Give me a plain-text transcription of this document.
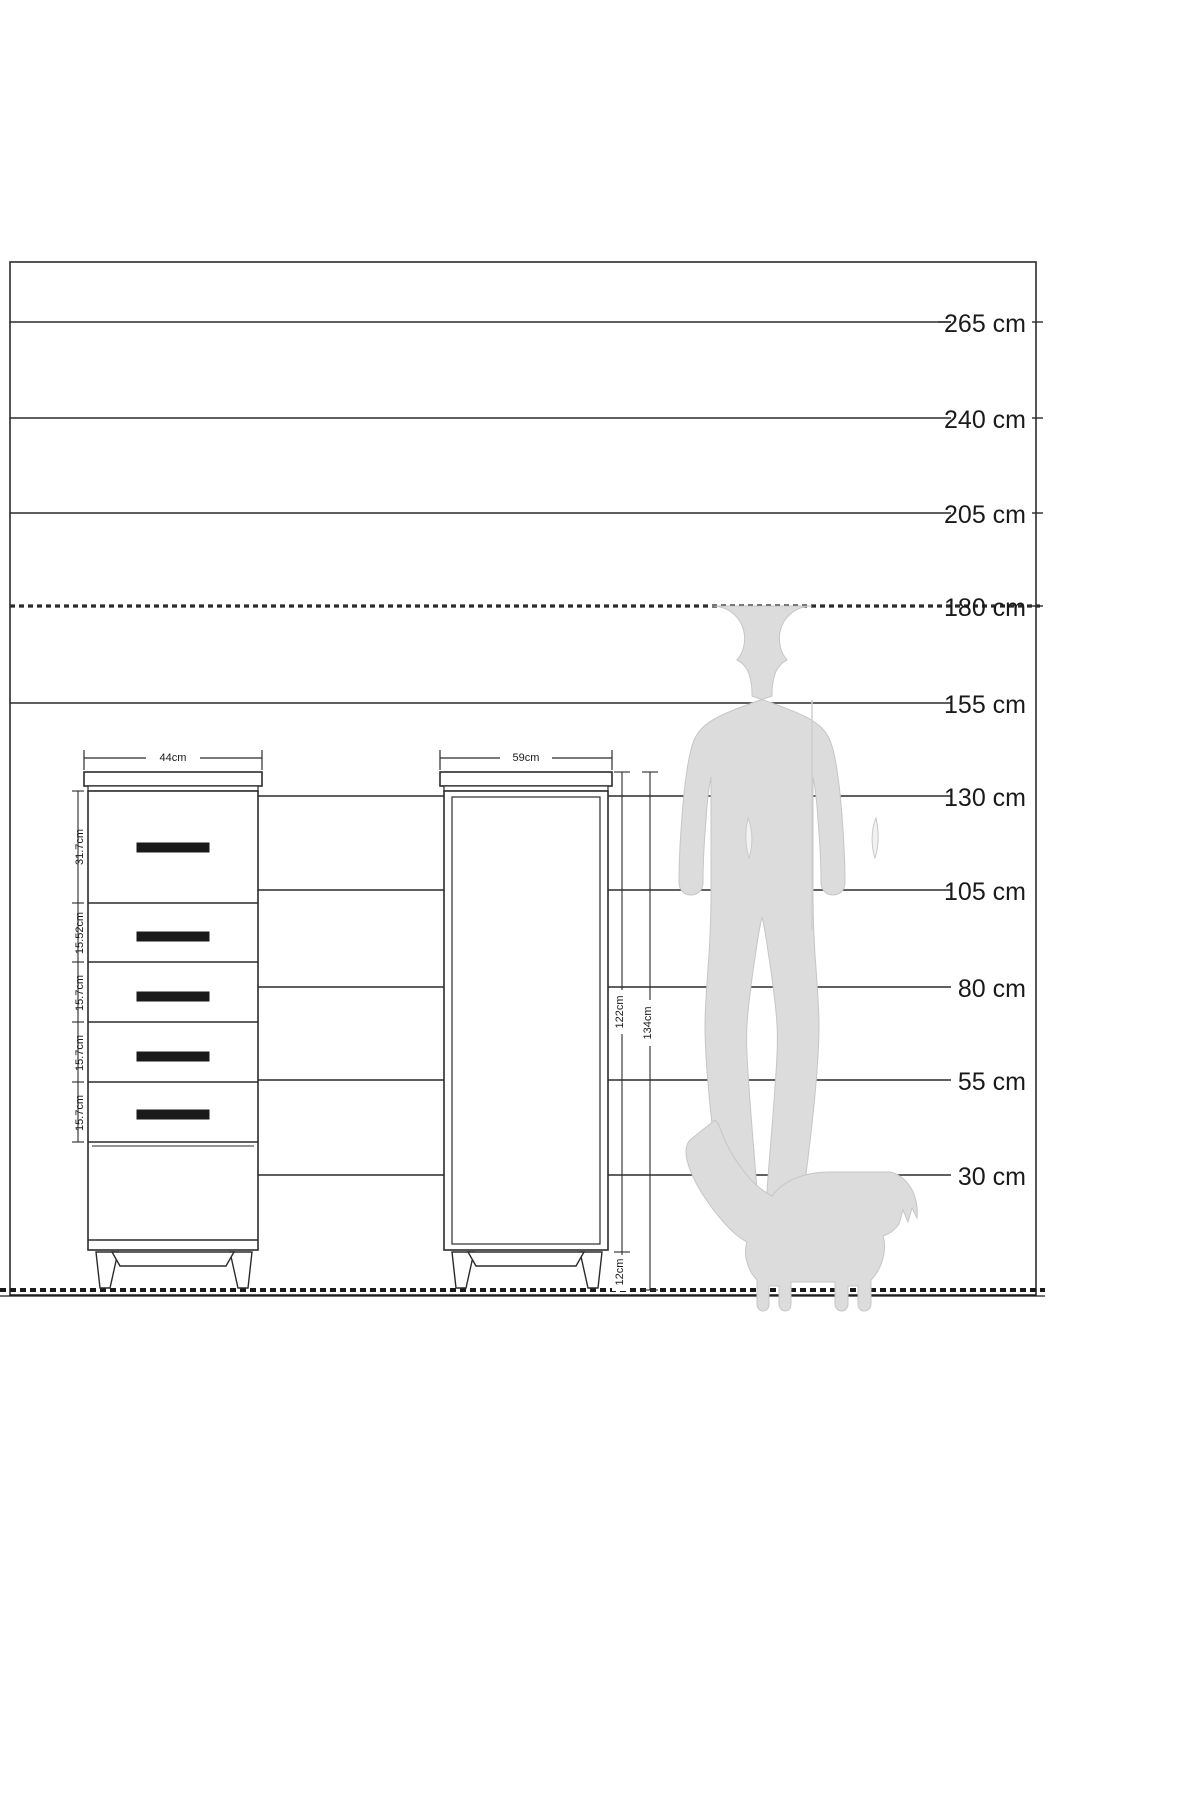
265 cm
240 cm
205 cm
180 cm
155 cm
130 cm
105 cm
80 cm
55 cm
30 cm
44cm
31.7cm
15.52cm
15.7cm
15.7cm
15.7cm
59cm
122cm 134cm
12cm
